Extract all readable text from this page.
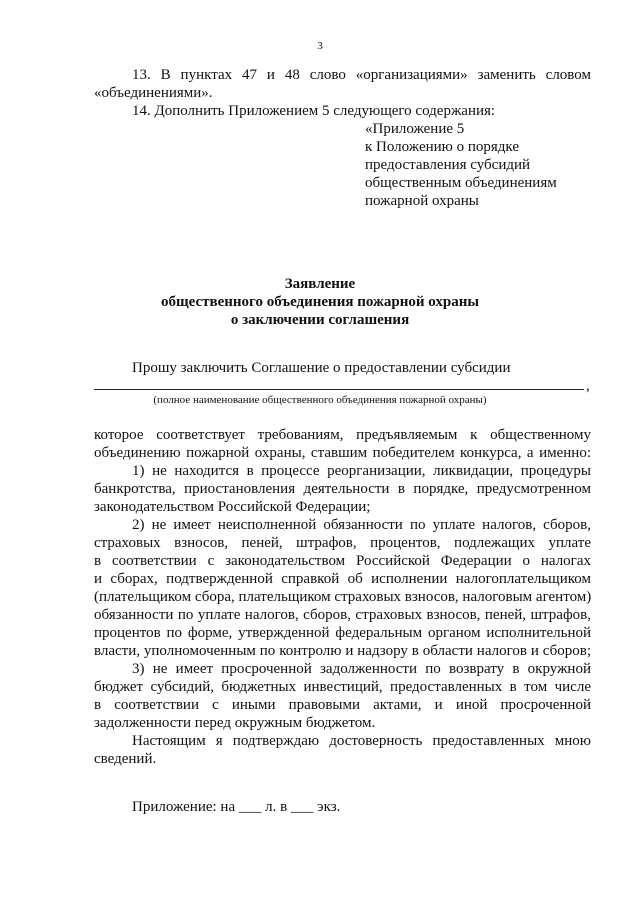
3
13. В пунктах 47 и 48 слово «организациями» заменить словом
«объединениями».
14. Дополнить Приложением 5 следующего содержания:
«Приложение 5
к Положению о порядке
предоставления субсидий
общественным объединениям
пожарной охраны
Заявление
общественного объединения пожарной охраны
о заключении соглашения
Прошу заключить Соглашение о предоставлении субсидии
,
(полное наименование общественного объединения пожарной охраны)
которое соответствует требованиям, предъявляемым к общественному
объединению пожарной охраны, ставшим победителем конкурса, а именно:
1) не находится в процессе реорганизации, ликвидации, процедуры
банкротства, приостановления деятельности в порядке, предусмотренном
законодательством Российской Федерации;
2) не имеет неисполненной обязанности по уплате налогов, сборов,
страховых взносов, пеней, штрафов, процентов, подлежащих уплате
в соответствии с законодательством Российской Федерации о налогах
и сборах, подтвержденной справкой об исполнении налогоплательщиком
(плательщиком сбора, плательщиком страховых взносов, налоговым агентом)
обязанности по уплате налогов, сборов, страховых взносов, пеней, штрафов,
процентов по форме, утвержденной федеральным органом исполнительной
власти, уполномоченным по контролю и надзору в области налогов и сборов;
3) не имеет просроченной задолженности по возврату в окружной
бюджет субсидий, бюджетных инвестиций, предоставленных в том числе
в соответствии с иными правовыми актами, и иной просроченной
задолженности перед окружным бюджетом.
Настоящим я подтверждаю достоверность предоставленных мною
сведений.
Приложение: на ___ л. в ___ экз.
